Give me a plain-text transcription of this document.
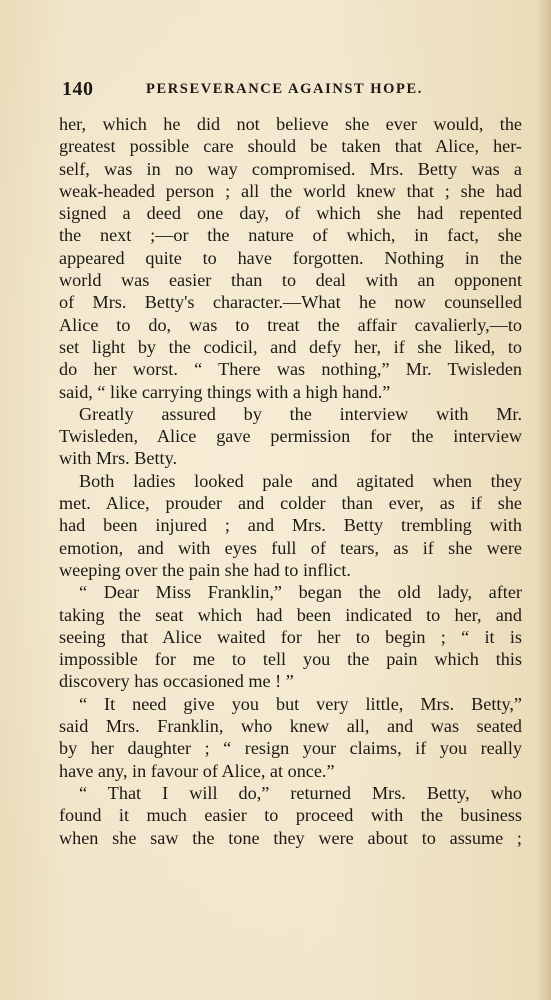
140	PERSEVERANCE AGAINST HOPE.
her, which he did not believe she ever would, the
greatest possible care should be taken that Alice, her-
self, was in no way compromised. Mrs. Betty was a
weak-headed person ; all the world knew that ; she had
signed a deed one day, of which she had repented
the next ;—or the nature of which, in fact, she
appeared quite to have forgotten. Nothing in the
world was easier than to deal with an opponent
of Mrs. Betty's character.—What he now counselled
Alice to do, was to treat the affair cavalierly,—to
set light by the codicil, and defy her, if she liked, to
do her worst. “ There was nothing,” Mr. Twisleden
said, “ like carrying things with a high hand.”
Greatly assured by the interview with Mr.
Twisleden, Alice gave permission for the interview
with Mrs. Betty.
Both ladies looked pale and agitated when they
met. Alice, prouder and colder than ever, as if she
had been injured ; and Mrs. Betty trembling with
emotion, and with eyes full of tears, as if she were
weeping over the pain she had to inflict.
“ Dear Miss Franklin,” began the old lady, after
taking the seat which had been indicated to her, and
seeing that Alice waited for her to begin ; “ it is
impossible for me to tell you the pain which this
discovery has occasioned me ! ”
“ It need give you but very little, Mrs. Betty,”
said Mrs. Franklin, who knew all, and was seated
by her daughter ; “ resign your claims, if you really
have any, in favour of Alice, at once.”
“ That I will do,” returned Mrs. Betty, who
found it much easier to proceed with the business
when she saw the tone they were about to assume ;
